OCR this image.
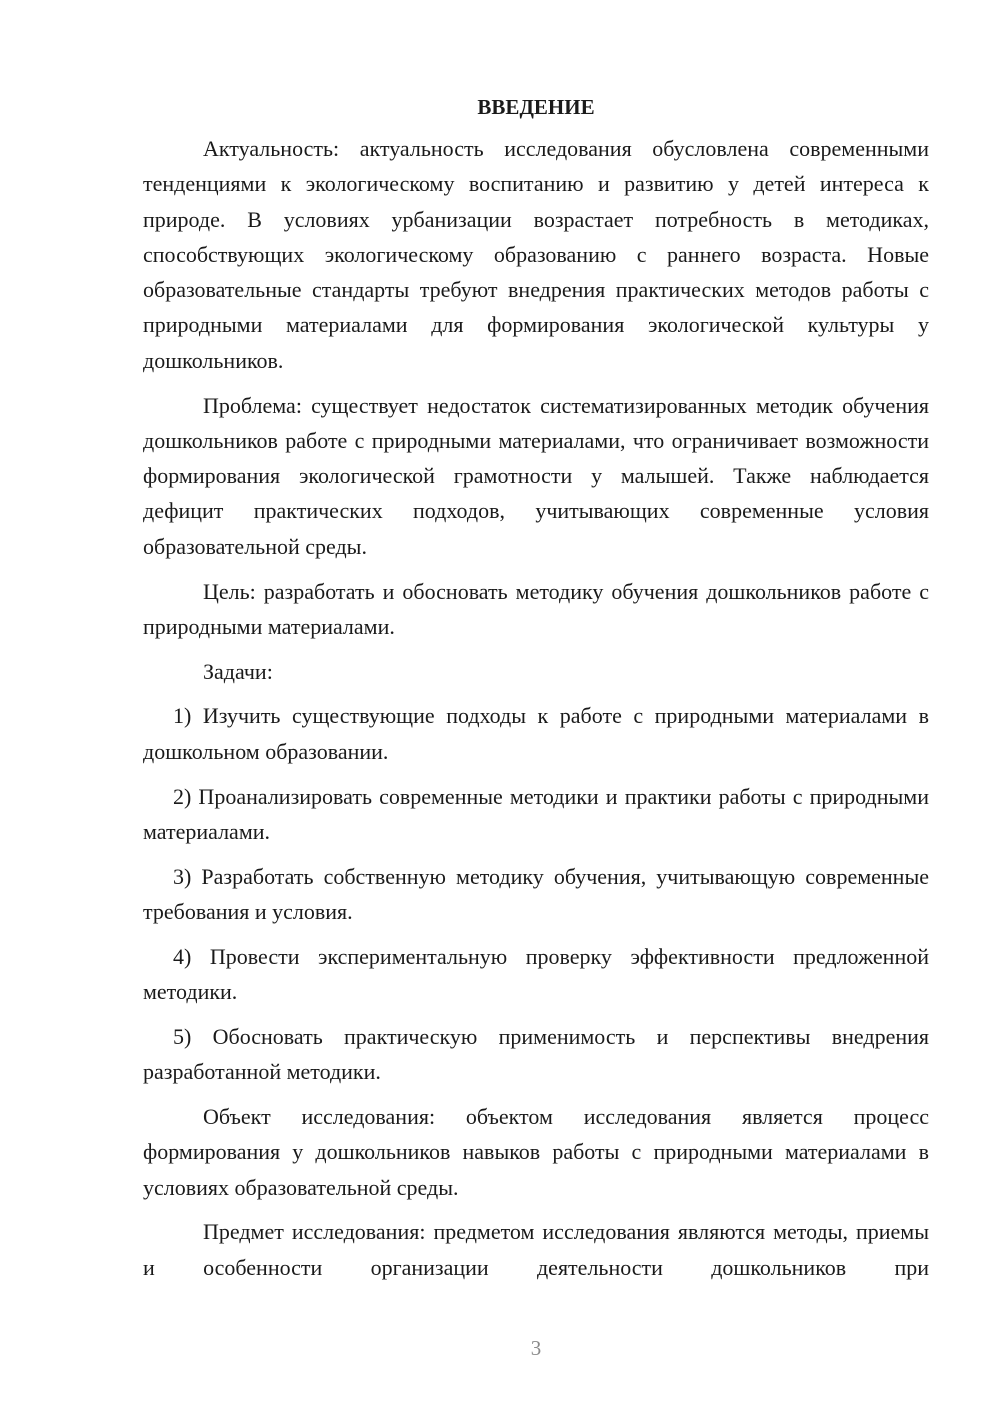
ВВЕДЕНИЕ

Актуальность: актуальность исследования обусловлена современными тенденциями к экологическому воспитанию и развитию у детей интереса к природе. В условиях урбанизации возрастает потребность в методиках, способствующих экологическому образованию с раннего возраста. Новые образовательные стандарты требуют внедрения практических методов работы с природными материалами для формирования экологической культуры у дошкольников.

Проблема: существует недостаток систематизированных методик обучения дошкольников работе с природными материалами, что ограничивает возможности формирования экологической грамотности у малышей. Также наблюдается дефицит практических подходов, учитывающих современные условия образовательной среды.

Цель: разработать и обосновать методику обучения дошкольников работе с природными материалами.

Задачи:

1) Изучить существующие подходы к работе с природными материалами в дошкольном образовании.

2) Проанализировать современные методики и практики работы с природными материалами.

3) Разработать собственную методику обучения, учитывающую современные требования и условия.

4) Провести экспериментальную проверку эффективности предложенной методики.

5) Обосновать практическую применимость и перспективы внедрения разработанной методики.

Объект исследования: объектом исследования является процесс формирования у дошкольников навыков работы с природными материалами в условиях образовательной среды.

Предмет исследования: предметом исследования являются методы, приемы и особенности организации деятельности дошкольников при

3
